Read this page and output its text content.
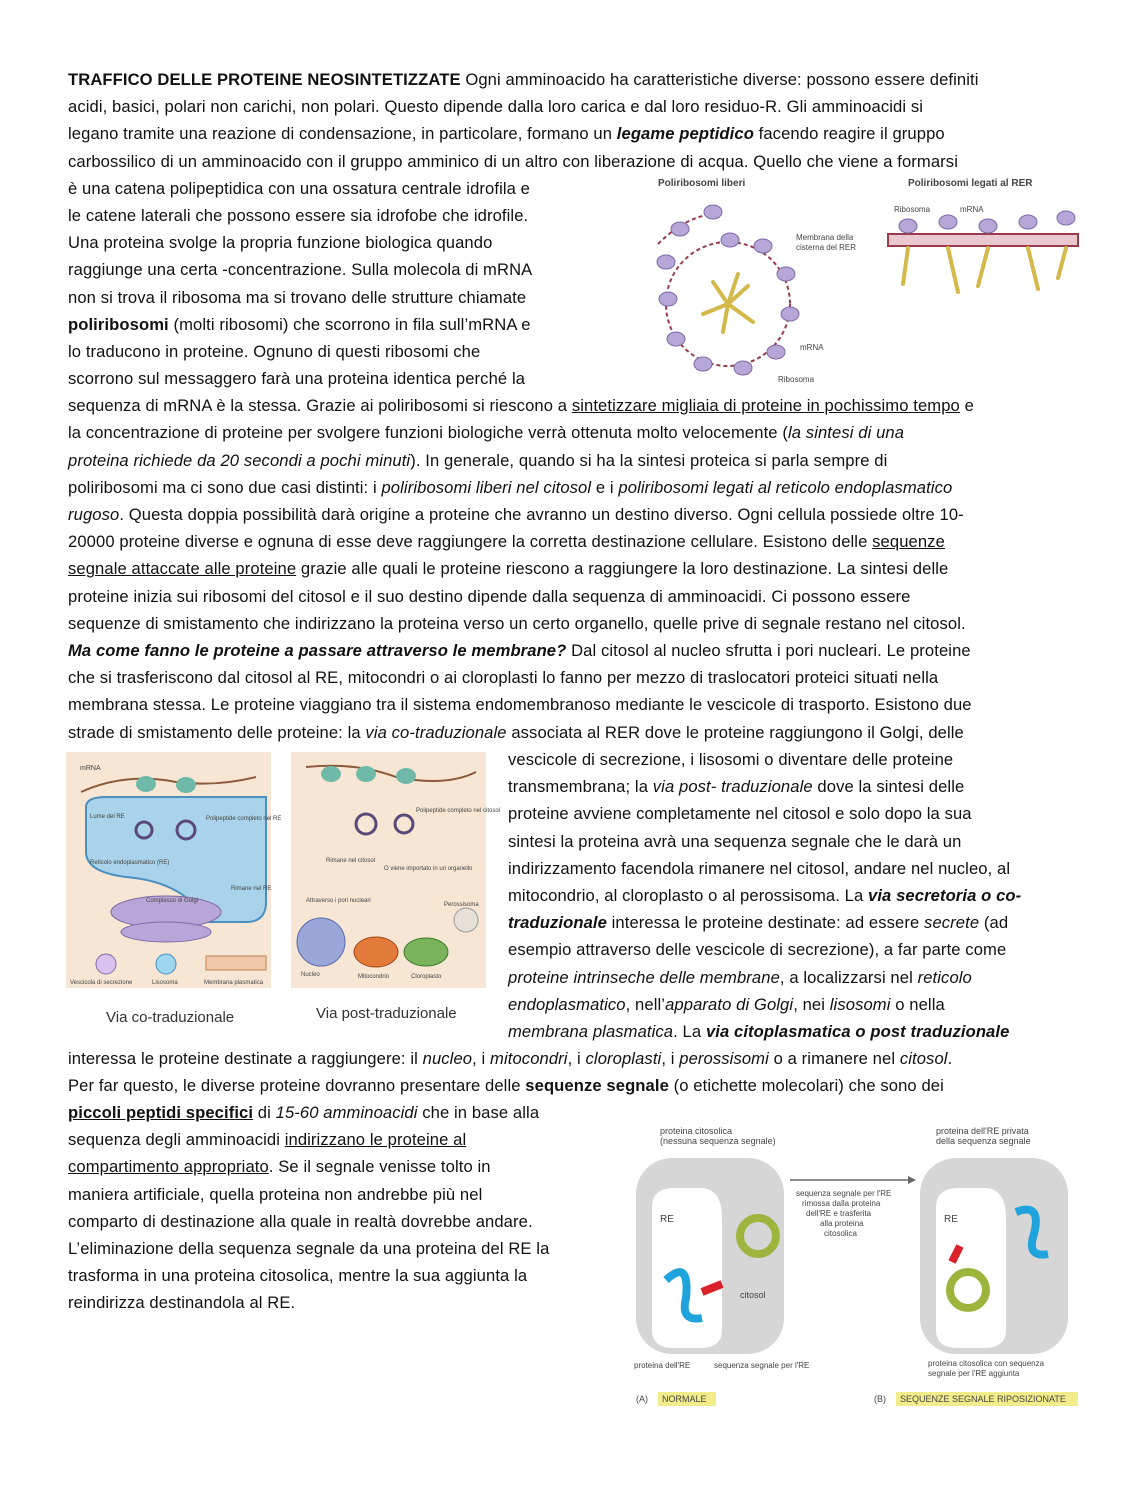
TRAFFICO DELLE PROTEINE NEOSINTETIZZATE Ogni amminoacido ha caratteristiche diverse: possono essere definiti
acidi, basici, polari non carichi, non polari. Questo dipende dalla loro carica e dal loro residuo-R. Gli amminoacidi si
legano tramite una reazione di condensazione, in particolare, formano un legame peptidico facendo reagire il gruppo
carbossilico di un amminoacido con il gruppo amminico di un altro con liberazione di acqua. Quello che viene a formarsi
è una catena polipeptidica con una ossatura centrale idrofila e
le catene laterali che possono essere sia idrofobe che idrofile.
Una proteina svolge la propria funzione biologica quando
raggiunge una certa -concentrazione. Sulla molecola di mRNA
non si trova il ribosoma ma si trovano delle strutture chiamate
poliribosomi (molti ribosomi) che scorrono in fila sull’mRNA e
lo traducono in proteine. Ognuno di questi ribosomi che
scorrono sul messaggero farà una proteina identica perché la
sequenza di mRNA è la stessa. Grazie ai poliribosomi si riescono a sintetizzare migliaia di proteine in pochissimo tempo e
la concentrazione di proteine per svolgere funzioni biologiche verrà ottenuta molto velocemente (la sintesi di una
proteina richiede da 20 secondi a pochi minuti). In generale, quando si ha la sintesi proteica si parla sempre di
poliribosomi ma ci sono due casi distinti: i poliribosomi liberi nel citosol e i poliribosomi legati al reticolo endoplasmatico
rugoso. Questa doppia possibilità darà origine a proteine che avranno un destino diverso. Ogni cellula possiede oltre 10-
20000 proteine diverse e ognuna di esse deve raggiungere la corretta destinazione cellulare. Esistono delle sequenze
segnale attaccate alle proteine grazie alle quali le proteine riescono a raggiungere la loro destinazione. La sintesi delle
proteine inizia sui ribosomi del citosol e il suo destino dipende dalla sequenza di amminoacidi. Ci possono essere
sequenze di smistamento che indirizzano la proteina verso un certo organello, quelle prive di segnale restano nel citosol.
Ma come fanno le proteine a passare attraverso le membrane? Dal citosol al nucleo sfrutta i pori nucleari. Le proteine
che si trasferiscono dal citosol al RE, mitocondri o ai cloroplasti lo fanno per mezzo di traslocatori proteici situati nella
membrana stessa. Le proteine viaggiano tra il sistema endomembranoso mediante le vescicole di trasporto. Esistono due
strade di smistamento delle proteine: la via co-traduzionale associata al RER dove le proteine raggiungono il Golgi, delle
vescicole di secrezione, i lisosomi o diventare delle proteine
transmembrana; la via post- traduzionale dove la sintesi delle
proteine avviene completamente nel citosol e solo dopo la sua
sintesi la proteina avrà una sequenza segnale che le darà un
indirizzamento facendola rimanere nel citosol, andare nel nucleo, al
mitocondrio, al cloroplasto o al perossisoma. La via secretoria o co-
traduzionale interessa le proteine destinate: ad essere secrete (ad
esempio attraverso delle vescicole di secrezione), a far parte come
proteine intrinseche delle membrane, a localizzarsi nel reticolo
endoplasmatico, nell’apparato di Golgi, nei lisosomi o nella
membrana plasmatica. La via citoplasmatica o post traduzionale
interessa le proteine destinate a raggiungere: il nucleo, i mitocondri, i cloroplasti, i perossisomi o a rimanere nel citosol.
Per far questo, le diverse proteine dovranno presentare delle sequenze segnale (o etichette molecolari) che sono dei
piccoli peptidi specifici di 15-60 amminoacidi che in base alla
sequenza degli amminoacidi indirizzano le proteine al
compartimento appropriato. Se il segnale venisse tolto in
maniera artificiale, quella proteina non andrebbe più nel
comparto di destinazione alla quale in realtà dovrebbe andare.
L’eliminazione della sequenza segnale da una proteina del RE la
trasforma in una proteina citosolica, mentre la sua aggiunta la
reindirizza destinandola al RE.
Poliribosomi liberi	Poliribosomi legati al RER
mRNA
Ribosoma
Membrana della
cisterna del RER
Ribosoma	mRNA
mRNA
Lume del RE	Polipeptide completo nel RE
Reticolo endoplasmatico (RE)
Rimane nel RE
Complesso di Golgi
Vescicola di secrezione	Lisosoma	Membrana plasmatica
Polipeptide completo nel citosol
Rimane nel citosol
O viene importato in un organello
Attraverso i pori nucleari
Nucleo	Mitocondrio	Cloroplasto
Perossisoma
Via co-traduzionale	Via post-traduzionale
proteina citosolica
(nessuna sequenza segnale)
proteina dell'RE privata
della sequenza segnale
RE
citosol
sequenza segnale per l'RE
rimossa dalla proteina
dell'RE e trasferita
alla proteina
citosolica
RE
proteina dell'RE	sequenza segnale per l'RE	proteina citosolica con sequenza
segnale per l'RE aggiunta
(A) NORMALE	(B) SEQUENZE SEGNALE RIPOSIZIONATE
